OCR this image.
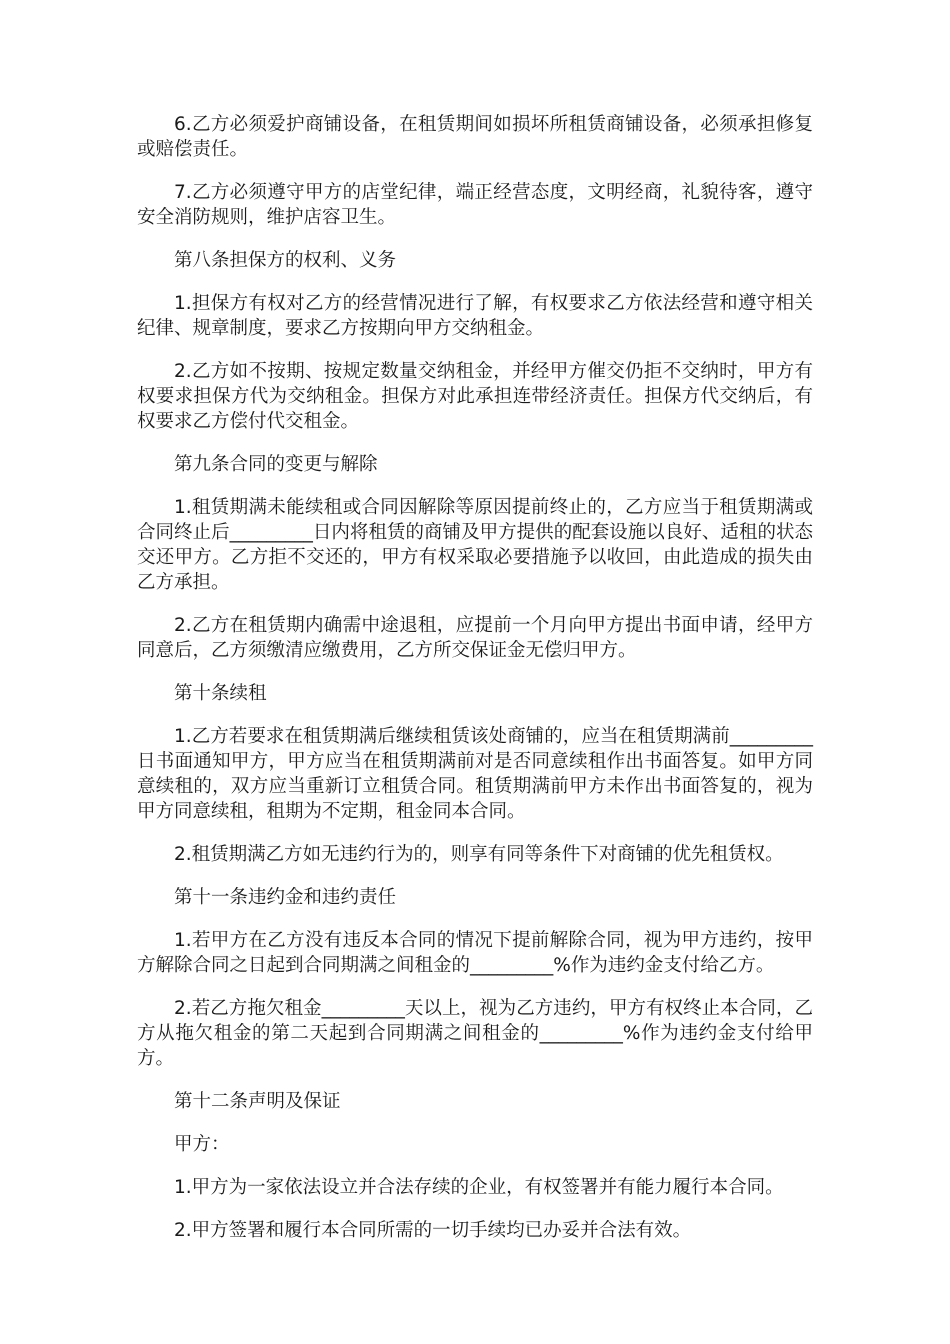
6.乙方必须爱护商铺设备，在租赁期间如损坏所租赁商铺设备，必须承担修复或赔偿责任。

7.乙方必须遵守甲方的店堂纪律，端正经营态度，文明经商，礼貌待客，遵守安全消防规则，维护店容卫生。

第八条担保方的权利、义务

1.担保方有权对乙方的经营情况进行了解，有权要求乙方依法经营和遵守相关纪律、规章制度，要求乙方按期向甲方交纳租金。

2.乙方如不按期、按规定数量交纳租金，并经甲方催交仍拒不交纳时，甲方有权要求担保方代为交纳租金。担保方对此承担连带经济责任。担保方代交纳后，有权要求乙方偿付代交租金。

第九条合同的变更与解除

1.租赁期满未能续租或合同因解除等原因提前终止的，乙方应当于租赁期满或合同终止后_________日内将租赁的商铺及甲方提供的配套设施以良好、适租的状态交还甲方。乙方拒不交还的，甲方有权采取必要措施予以收回，由此造成的损失由乙方承担。

2.乙方在租赁期内确需中途退租，应提前一个月向甲方提出书面申请，经甲方同意后，乙方须缴清应缴费用，乙方所交保证金无偿归甲方。

第十条续租

1.乙方若要求在租赁期满后继续租赁该处商铺的，应当在租赁期满前_________日书面通知甲方，甲方应当在租赁期满前对是否同意续租作出书面答复。如甲方同意续租的，双方应当重新订立租赁合同。租赁期满前甲方未作出书面答复的，视为甲方同意续租，租期为不定期，租金同本合同。

2.租赁期满乙方如无违约行为的，则享有同等条件下对商铺的优先租赁权。

第十一条违约金和违约责任

1.若甲方在乙方没有违反本合同的情况下提前解除合同，视为甲方违约，按甲方解除合同之日起到合同期满之间租金的_________%作为违约金支付给乙方。

2.若乙方拖欠租金_________天以上，视为乙方违约，甲方有权终止本合同，乙方从拖欠租金的第二天起到合同期满之间租金的_________%作为违约金支付给甲方。

第十二条声明及保证

甲方：

1.甲方为一家依法设立并合法存续的企业，有权签署并有能力履行本合同。

2.甲方签署和履行本合同所需的一切手续均已办妥并合法有效。
